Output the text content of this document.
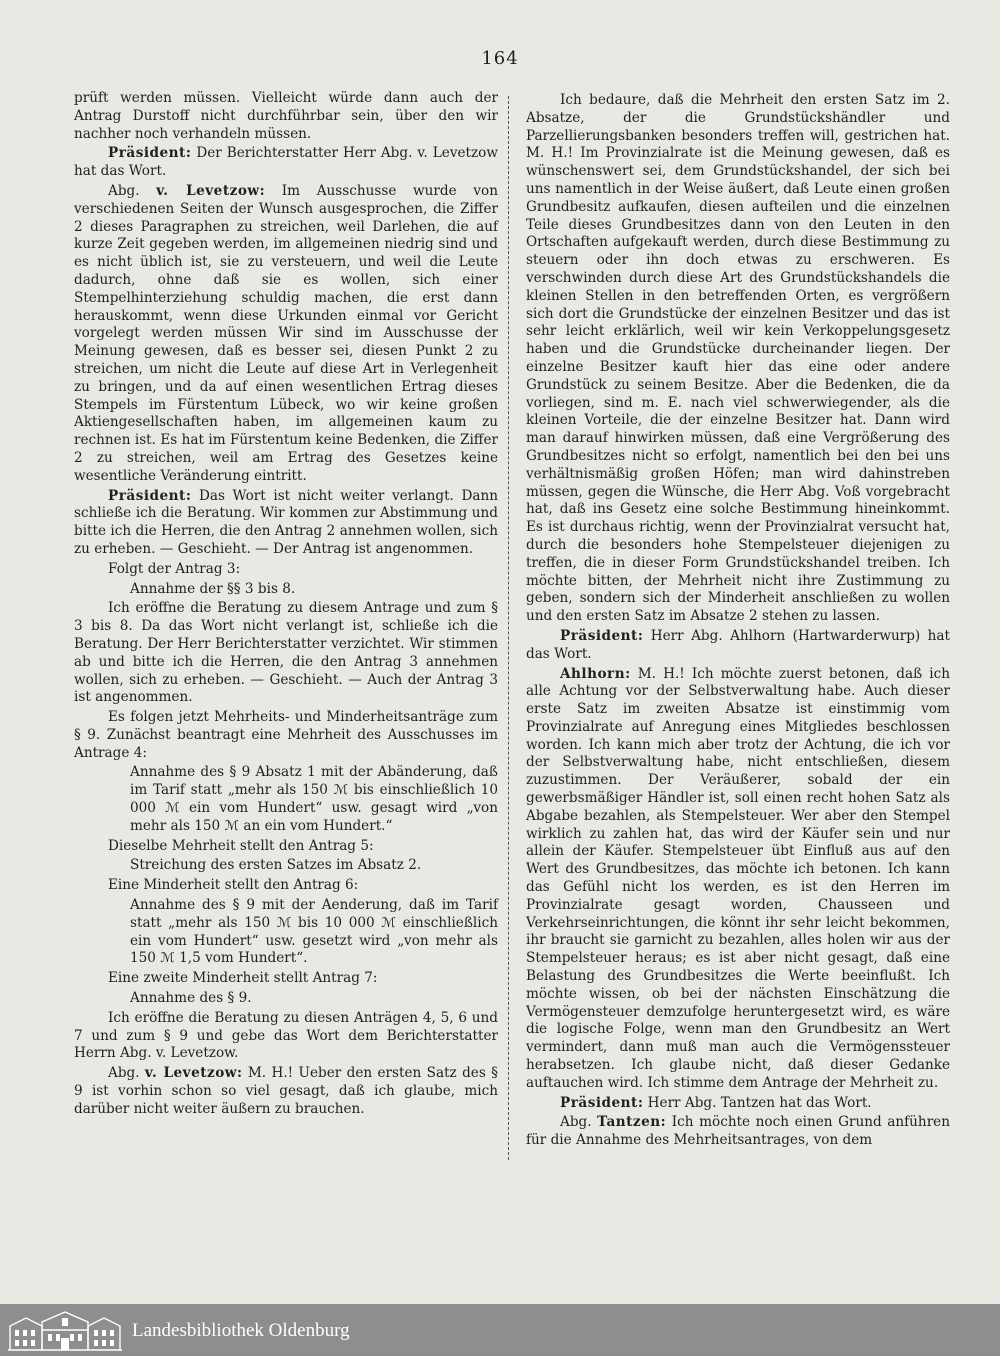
164

prüft werden müssen. Vielleicht würde dann auch der Antrag Durstoff nicht durchführbar sein, über den wir nachher noch verhandeln müssen.

Präsident: Der Berichterstatter Herr Abg. v. Levetzow hat das Wort.

Abg. v. Levetzow: Im Ausschusse wurde von verschiedenen Seiten der Wunsch ausgesprochen, die Ziffer 2 dieses Paragraphen zu streichen, weil Darlehen, die auf kurze Zeit gegeben werden, im allgemeinen niedrig sind und es nicht üblich ist, sie zu versteuern, und weil die Leute dadurch, ohne daß sie es wollen, sich einer Stempelhinterziehung schuldig machen, die erst dann herauskommt, wenn diese Urkunden einmal vor Gericht vorgelegt werden müssen Wir sind im Ausschusse der Meinung gewesen, daß es besser sei, diesen Punkt 2 zu streichen, um nicht die Leute auf diese Art in Verlegenheit zu bringen, und da auf einen wesentlichen Ertrag dieses Stempels im Fürstentum Lübeck, wo wir keine großen Aktiengesellschaften haben, im allgemeinen kaum zu rechnen ist. Es hat im Fürstentum keine Bedenken, die Ziffer 2 zu streichen, weil am Ertrag des Gesetzes keine wesentliche Veränderung eintritt.

Präsident: Das Wort ist nicht weiter verlangt. Dann schließe ich die Beratung. Wir kommen zur Abstimmung und bitte ich die Herren, die den Antrag 2 annehmen wollen, sich zu erheben. — Geschieht. — Der Antrag ist angenommen.

Folgt der Antrag 3:

Annahme der §§ 3 bis 8.

Ich eröffne die Beratung zu diesem Antrage und zum § 3 bis 8. Da das Wort nicht verlangt ist, schließe ich die Beratung. Der Herr Berichterstatter verzichtet. Wir stimmen ab und bitte ich die Herren, die den Antrag 3 annehmen wollen, sich zu erheben. — Geschieht. — Auch der Antrag 3 ist angenommen.

Es folgen jetzt Mehrheits- und Minderheitsanträge zum § 9. Zunächst beantragt eine Mehrheit des Ausschusses im Antrage 4:

Annahme des § 9 Absatz 1 mit der Abänderung, daß im Tarif statt „mehr als 150 ℳ bis einschließlich 10 000 ℳ ein vom Hundert“ usw. gesagt wird „von mehr als 150 ℳ an ein vom Hundert.“

Dieselbe Mehrheit stellt den Antrag 5:

Streichung des ersten Satzes im Absatz 2.

Eine Minderheit stellt den Antrag 6:

Annahme des § 9 mit der Aenderung, daß im Tarif statt „mehr als 150 ℳ bis 10 000 ℳ einschließlich ein vom Hundert“ usw. gesetzt wird „von mehr als 150 ℳ 1,5 vom Hundert“.

Eine zweite Minderheit stellt Antrag 7:

Annahme des § 9.

Ich eröffne die Beratung zu diesen Anträgen 4, 5, 6 und 7 und zum § 9 und gebe das Wort dem Berichterstatter Herrn Abg. v. Levetzow.

Abg. v. Levetzow: M. H.! Ueber den ersten Satz des § 9 ist vorhin schon so viel gesagt, daß ich glaube, mich darüber nicht weiter äußern zu brauchen.

Ich bedaure, daß die Mehrheit den ersten Satz im 2. Absatze, der die Grundstückshändler und Parzellierungsbanken besonders treffen will, gestrichen hat. M. H.! Im Provinzialrate ist die Meinung gewesen, daß es wünschenswert sei, dem Grundstückshandel, der sich bei uns namentlich in der Weise äußert, daß Leute einen großen Grundbesitz aufkaufen, diesen aufteilen und die einzelnen Teile dieses Grundbesitzes dann von den Leuten in den Ortschaften aufgekauft werden, durch diese Bestimmung zu steuern oder ihn doch etwas zu erschweren. Es verschwinden durch diese Art des Grundstückshandels die kleinen Stellen in den betreffenden Orten, es vergrößern sich dort die Grundstücke der einzelnen Besitzer und das ist sehr leicht erklärlich, weil wir kein Verkoppelungsgesetz haben und die Grundstücke durcheinander liegen. Der einzelne Besitzer kauft hier das eine oder andere Grundstück zu seinem Besitze. Aber die Bedenken, die da vorliegen, sind m. E. nach viel schwerwiegender, als die kleinen Vorteile, die der einzelne Besitzer hat. Dann wird man darauf hinwirken müssen, daß eine Vergrößerung des Grundbesitzes nicht so erfolgt, namentlich bei den bei uns verhältnismäßig großen Höfen; man wird dahinstreben müssen, gegen die Wünsche, die Herr Abg. Voß vorgebracht hat, daß ins Gesetz eine solche Bestimmung hineinkommt. Es ist durchaus richtig, wenn der Provinzialrat versucht hat, durch die besonders hohe Stempelsteuer diejenigen zu treffen, die in dieser Form Grundstückshandel treiben. Ich möchte bitten, der Mehrheit nicht ihre Zustimmung zu geben, sondern sich der Minderheit anschließen zu wollen und den ersten Satz im Absatze 2 stehen zu lassen.

Präsident: Herr Abg. Ahlhorn (Hartwarderwurp) hat das Wort.

Ahlhorn: M. H.! Ich möchte zuerst betonen, daß ich alle Achtung vor der Selbstverwaltung habe. Auch dieser erste Satz im zweiten Absatze ist einstimmig vom Provinzialrate auf Anregung eines Mitgliedes beschlossen worden. Ich kann mich aber trotz der Achtung, die ich vor der Selbstverwaltung habe, nicht entschließen, diesem zuzustimmen. Der Veräußerer, sobald der ein gewerbsmäßiger Händler ist, soll einen recht hohen Satz als Abgabe bezahlen, als Stempelsteuer. Wer aber den Stempel wirklich zu zahlen hat, das wird der Käufer sein und nur allein der Käufer. Stempelsteuer übt Einfluß aus auf den Wert des Grundbesitzes, das möchte ich betonen. Ich kann das Gefühl nicht los werden, es ist den Herren im Provinzialrate gesagt worden, Chausseen und Verkehrseinrichtungen, die könnt ihr sehr leicht bekommen, ihr braucht sie garnicht zu bezahlen, alles holen wir aus der Stempelsteuer heraus; es ist aber nicht gesagt, daß eine Belastung des Grundbesitzes die Werte beeinflußt. Ich möchte wissen, ob bei der nächsten Einschätzung die Vermögensteuer demzufolge heruntergesetzt wird, es wäre die logische Folge, wenn man den Grundbesitz an Wert vermindert, dann muß man auch die Vermögenssteuer herabsetzen. Ich glaube nicht, daß dieser Gedanke auftauchen wird. Ich stimme dem Antrage der Mehrheit zu.

Präsident: Herr Abg. Tantzen hat das Wort.

Abg. Tantzen: Ich möchte noch einen Grund anführen für die Annahme des Mehrheitsantrages, von dem

Landesbibliothek Oldenburg
